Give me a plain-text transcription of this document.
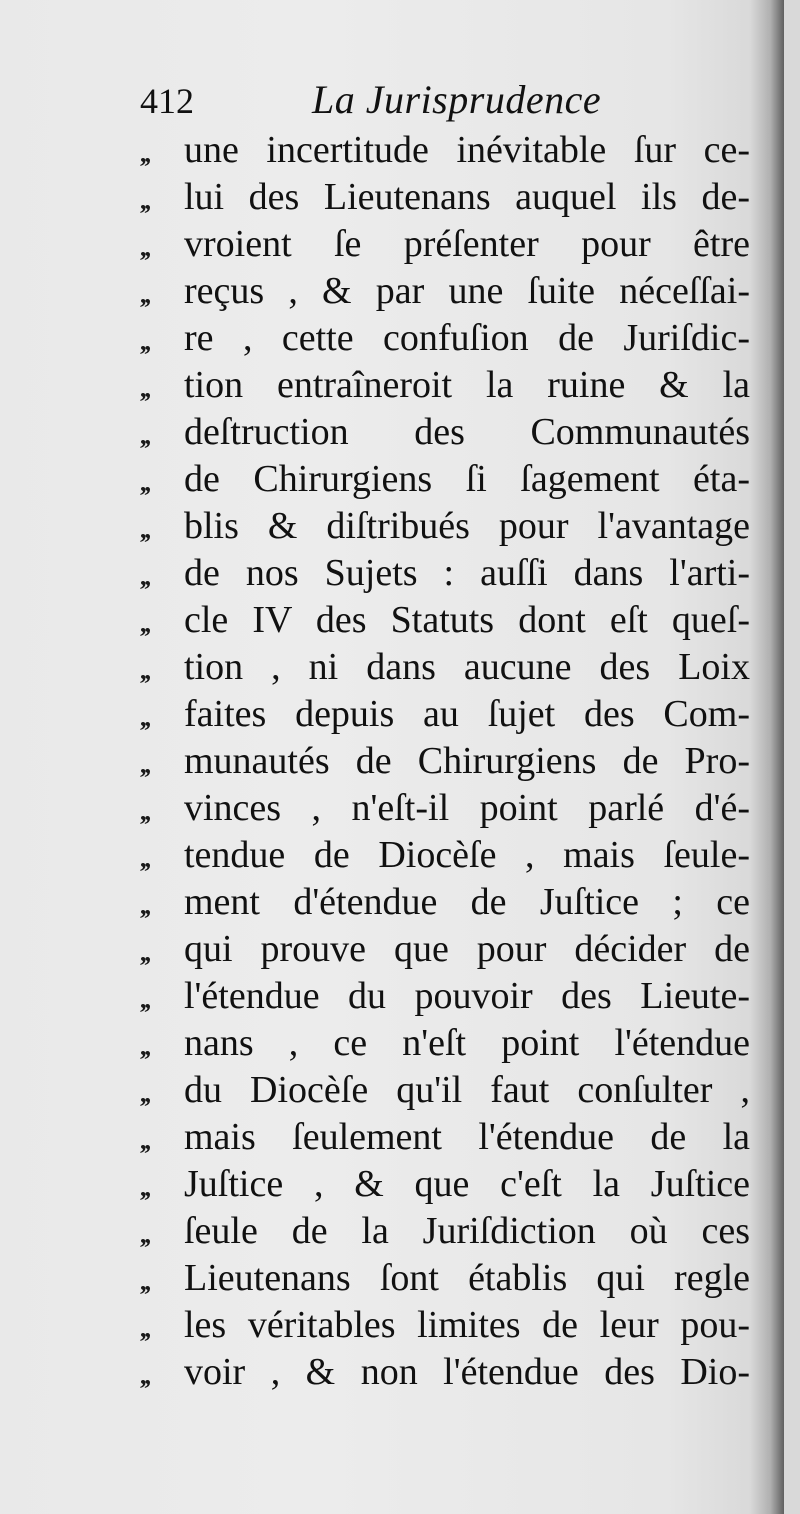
412	La Jurisprudence
,, une incertitude inévitable ſur ce-
,, lui des Lieutenans auquel ils de-
,, vroient ſe préſenter pour être
,, reçus , & par une ſuite néceſſai-
,, re , cette confuſion de Juriſdic-
,, tion entraîneroit la ruine & la
,, deſtruction des Communautés
,, de Chirurgiens ſi ſagement éta-
,, blis & diſtribués pour l'avantage
,, de nos Sujets : auſſi dans l'arti-
,, cle IV des Statuts dont eſt queſ-
,, tion , ni dans aucune des Loix
,, faites depuis au ſujet des Com-
,, munautés de Chirurgiens de Pro-
,, vinces , n'eſt-il point parlé d'é-
,, tendue de Diocèſe , mais ſeule-
,, ment d'étendue de Juſtice ; ce
,, qui prouve que pour décider de
,, l'étendue du pouvoir des Lieute-
,, nans , ce n'eſt point l'étendue
,, du Diocèſe qu'il faut conſulter ,
,, mais ſeulement l'étendue de la
,, Juſtice , & que c'eſt la Juſtice
,, ſeule de la Juriſdiction où ces
,, Lieutenans ſont établis qui regle
,, les véritables limites de leur pou-
,, voir , & non l'étendue des Dio-
